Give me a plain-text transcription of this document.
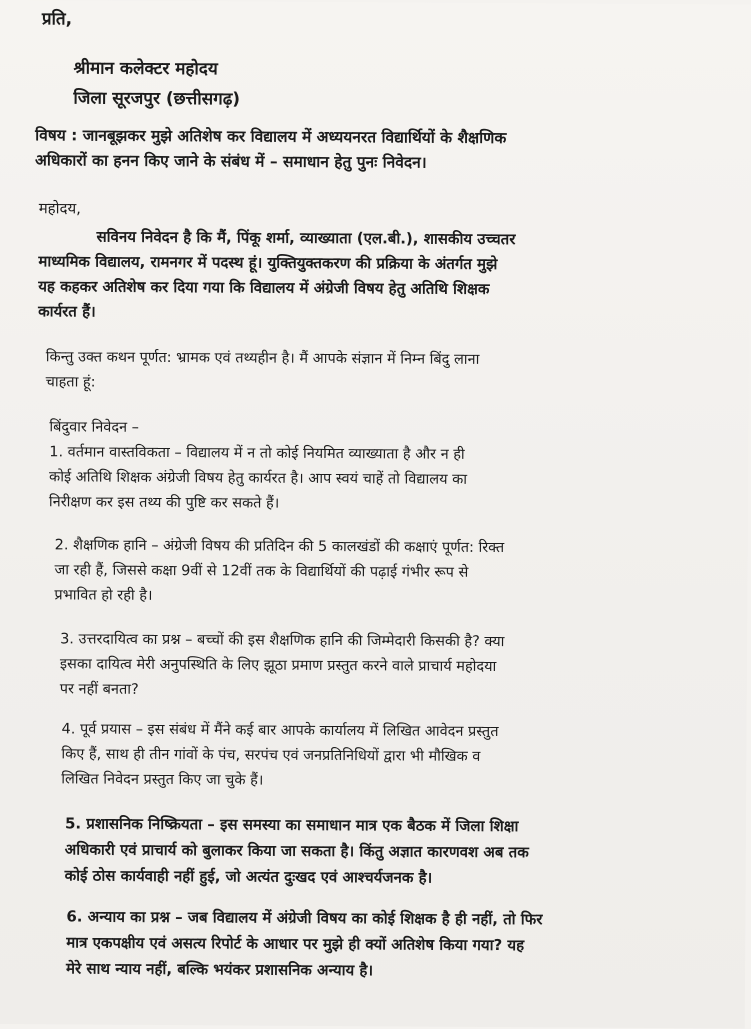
प्रति,
श्रीमान कलेक्टर महोदय
जिला सूरजपुर (छत्तीसगढ़)
विषय : जानबूझकर मुझे अतिशेष कर विद्यालय में अध्ययनरत विद्यार्थियों के शैक्षणिक
अधिकारों का हनन किए जाने के संबंध में – समाधान हेतु पुनः निवेदन।
महोदय,
सविनय निवेदन है कि मैं, पिंकू शर्मा, व्याख्याता (एल.बी.), शासकीय उच्चतर
माध्यमिक विद्यालय, रामनगर में पदस्थ हूं। युक्तियुक्तकरण की प्रक्रिया के अंतर्गत मुझे
यह कहकर अतिशेष कर दिया गया कि विद्यालय में अंग्रेजी विषय हेतु अतिथि शिक्षक
कार्यरत हैं।
किन्तु उक्त कथन पूर्णत: भ्रामक एवं तथ्यहीन है। मैं आपके संज्ञान में निम्न बिंदु लाना
चाहता हूं:
बिंदुवार निवेदन –
1. वर्तमान वास्तविकता – विद्यालय में न तो कोई नियमित व्याख्याता है और न ही
कोई अतिथि शिक्षक अंग्रेजी विषय हेतु कार्यरत है। आप स्वयं चाहें तो विद्यालय का
निरीक्षण कर इस तथ्य की पुष्टि कर सकते हैं।
2. शैक्षणिक हानि – अंग्रेजी विषय की प्रतिदिन की 5 कालखंडों की कक्षाएं पूर्णत: रिक्त
जा रही हैं, जिससे कक्षा 9वीं से 12वीं तक के विद्यार्थियों की पढ़ाई गंभीर रूप से
प्रभावित हो रही है।
3. उत्तरदायित्व का प्रश्न – बच्चों की इस शैक्षणिक हानि की जिम्मेदारी किसकी है? क्या
इसका दायित्व मेरी अनुपस्थिति के लिए झूठा प्रमाण प्रस्तुत करने वाले प्राचार्य महोदया
पर नहीं बनता?
4. पूर्व प्रयास – इस संबंध में मैंने कई बार आपके कार्यालय में लिखित आवेदन प्रस्तुत
किए हैं, साथ ही तीन गांवों के पंच, सरपंच एवं जनप्रतिनिधियों द्वारा भी मौखिक व
लिखित निवेदन प्रस्तुत किए जा चुके हैं।
5. प्रशासनिक निष्क्रियता – इस समस्या का समाधान मात्र एक बैठक में जिला शिक्षा
अधिकारी एवं प्राचार्य को बुलाकर किया जा सकता है। किंतु अज्ञात कारणवश अब तक
कोई ठोस कार्यवाही नहीं हुई, जो अत्यंत दुःखद एवं आश्चर्यजनक है।
6. अन्याय का प्रश्न – जब विद्यालय में अंग्रेजी विषय का कोई शिक्षक है ही नहीं, तो फिर
मात्र एकपक्षीय एवं असत्य रिपोर्ट के आधार पर मुझे ही क्यों अतिशेष किया गया? यह
मेरे साथ न्याय नहीं, बल्कि भयंकर प्रशासनिक अन्याय है।
